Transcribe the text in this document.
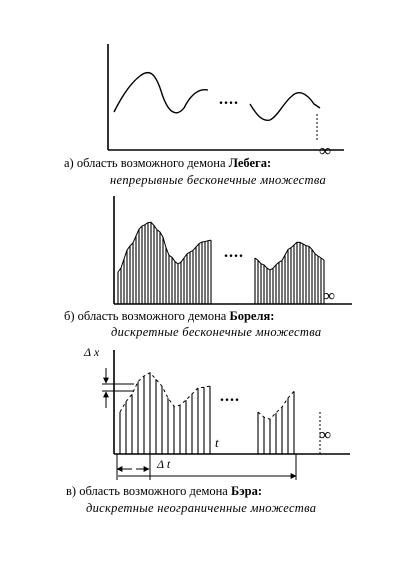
....
∞
а) область возможного демона Лебега:
непрерывные бесконечные множества
....
∞
б) область возможного демона Бореля:
дискретные бесконечные множества
Δ x
....
t	∞
Δ t
в) область возможного демона Бэра:
дискретные неограниченные множества
